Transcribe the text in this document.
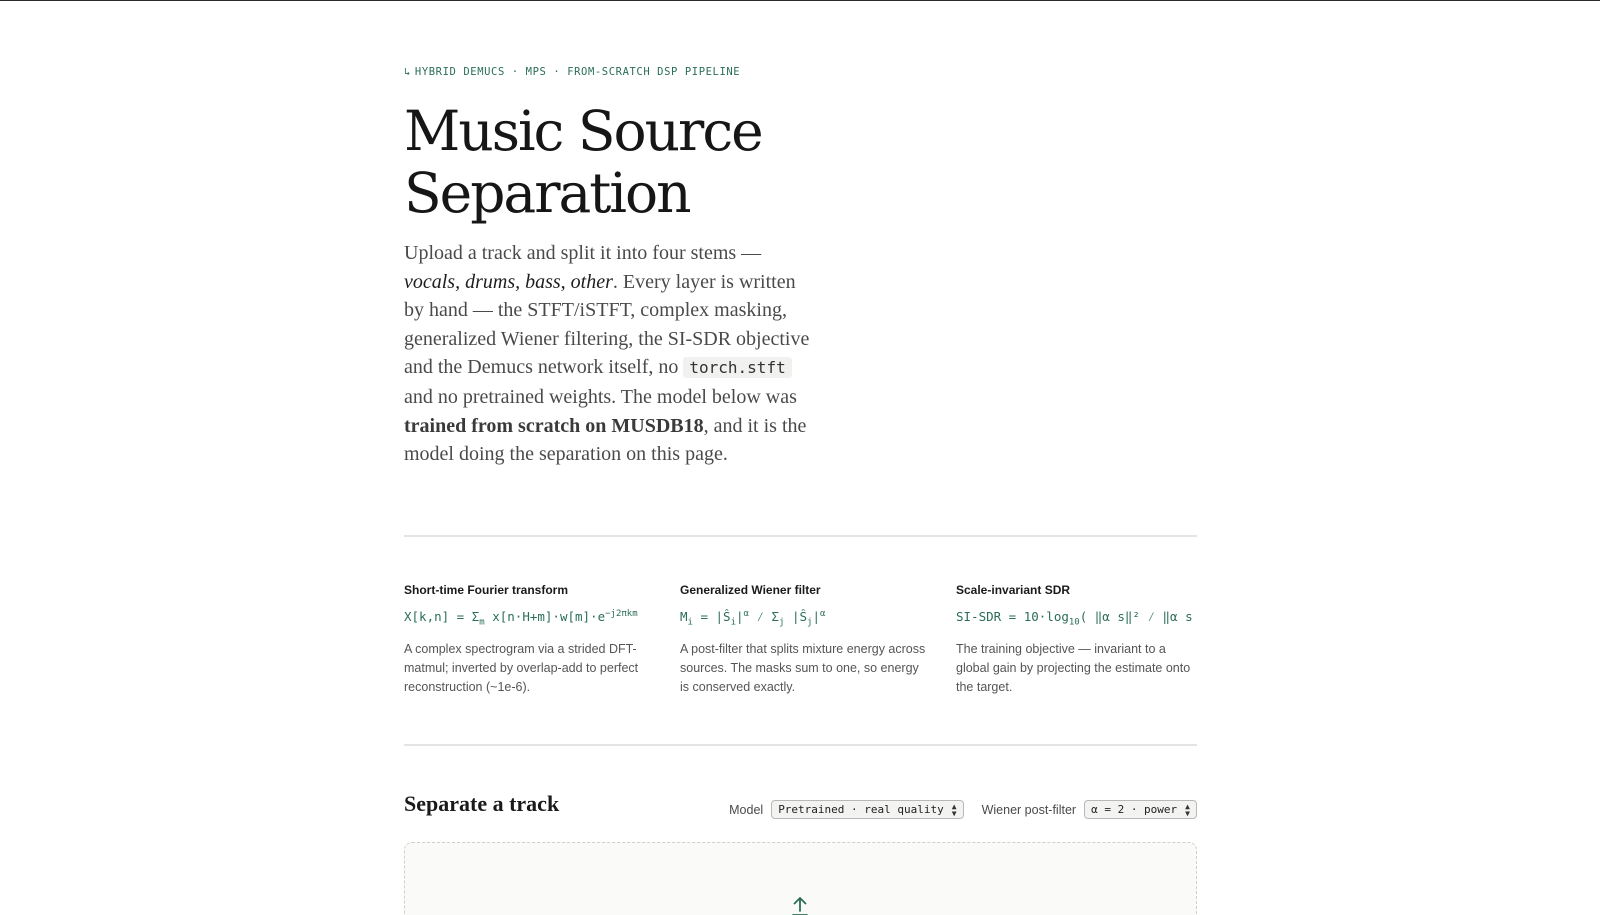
↳ HYBRID DEMUCS · MPS · FROM-SCRATCH DSP PIPELINE
Music Source
Separation

Upload a track and split it into four stems — vocals, drums, bass, other. Every layer is written by hand — the STFT/iSTFT, complex masking, generalized Wiener filtering, the SI-SDR objective and the Demucs network itself, no torch.stft and no pretrained weights. The model below was trained from scratch on MUSDB18, and it is the model doing the separation on this page.

Short-time Fourier transform
$X[k,n] = \Sigma_m$ $x[n\cdot H+m]\cdot w[m]\cdot e^{-j2\pi km}$

A complex spectrogram via a strided DFT-matmul; inverted by overlap-add to perfect reconstruction (~1e-6).

Generalized Wiener filter
$M_i$ = $|Ŝ_i|^\alpha$ ⁄ $\Sigma_j$ $|Ŝ_j|^\alpha$

A post-filter that splits mixture energy across sources. The masks sum to one, so energy is conserved exactly.

Scale-invariant SDR
$SI-SDR = 10\cdot\log_{10}$( ‖α s‖² ⁄ ‖α s

The training objective — invariant to a global gain by projecting the estimate onto the target.

Separate a track	Model Pretrained · real quality ▲
▼ Wiener post-filter α = 2 · power ▲
▼
